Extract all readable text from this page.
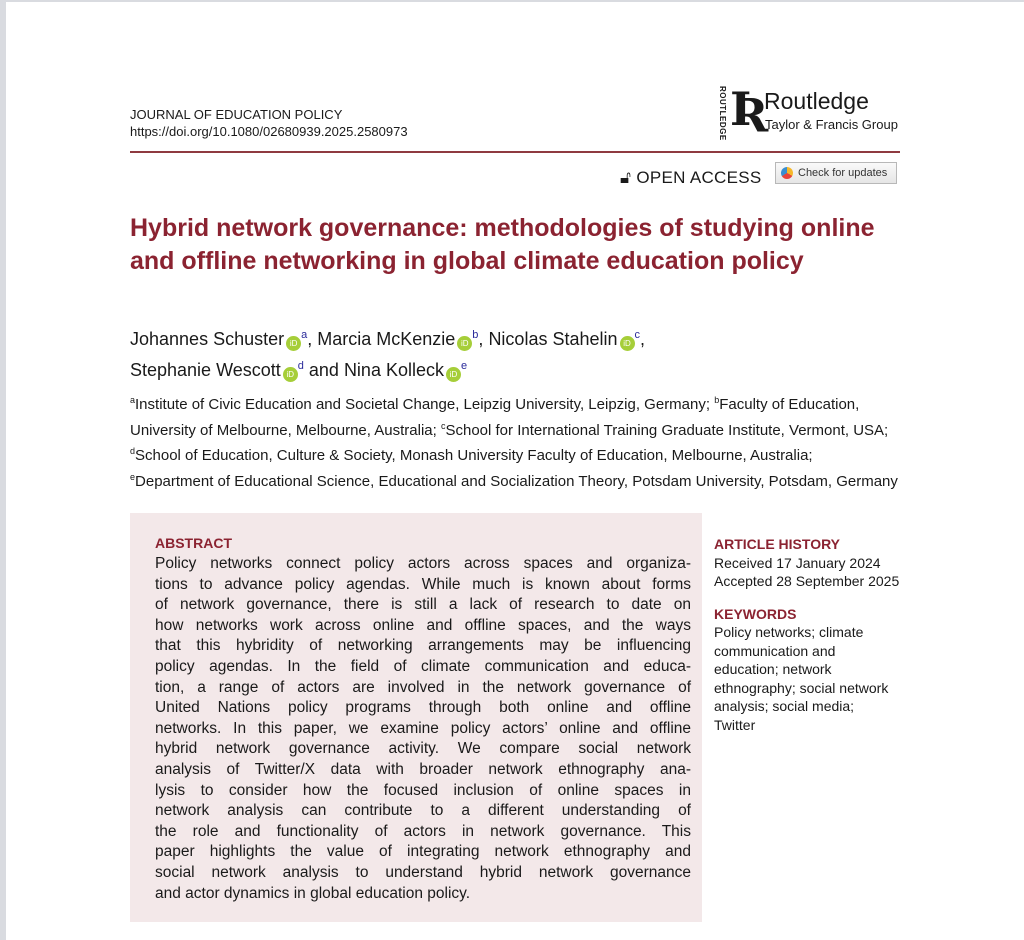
JOURNAL OF EDUCATION POLICY
https://doi.org/10.1080/02680939.2025.2580973	ROUTLEDGE Ʀ
Routledge
Taylor & Francis Group
🔓︎ OPEN ACCESS	Check for updates
Hybrid network governance: methodologies of studying online and offline networking in global climate education policy
Johannes Schuster $iD^a$, Marcia McKenzie $iD^b$, Nicolas Stahelin $iD^c$,
Stephanie Wescott $iD^d$ and Nina Kolleck $iD^e$
$^a$Institute of Civic Education and Societal Change, Leipzig University, Leipzig, Germany; $^b$Faculty of Education, University of Melbourne, Melbourne, Australia; $^c$School for International Training Graduate Institute, Vermont, USA; $^d$School of Education, Culture & Society, Monash University Faculty of Education, Melbourne, Australia; $^e$Department of Educational Science, Educational and Socialization Theory, Potsdam University, Potsdam, Germany
ABSTRACT
Policy networks connect policy actors across spaces and organiza-
tions to advance policy agendas. While much is known about forms
of network governance, there is still a lack of research to date on
how networks work across online and offline spaces, and the ways
that this hybridity of networking arrangements may be influencing
policy agendas. In the field of climate communication and educa-
tion, a range of actors are involved in the network governance of
United Nations policy programs through both online and offline
networks. In this paper, we examine policy actors’ online and offline
hybrid network governance activity. We compare social network
analysis of Twitter/X data with broader network ethnography ana-
lysis to consider how the focused inclusion of online spaces in
network analysis can contribute to a different understanding of
the role and functionality of actors in network governance. This
paper highlights the value of integrating network ethnography and
social network analysis to understand hybrid network governance
and actor dynamics in global education policy.
ARTICLE HISTORY
Received 17 January 2024
Accepted 28 September 2025
KEYWORDS
Policy networks; climate
communication and
education; network
ethnography; social network
analysis; social media;
Twitter
